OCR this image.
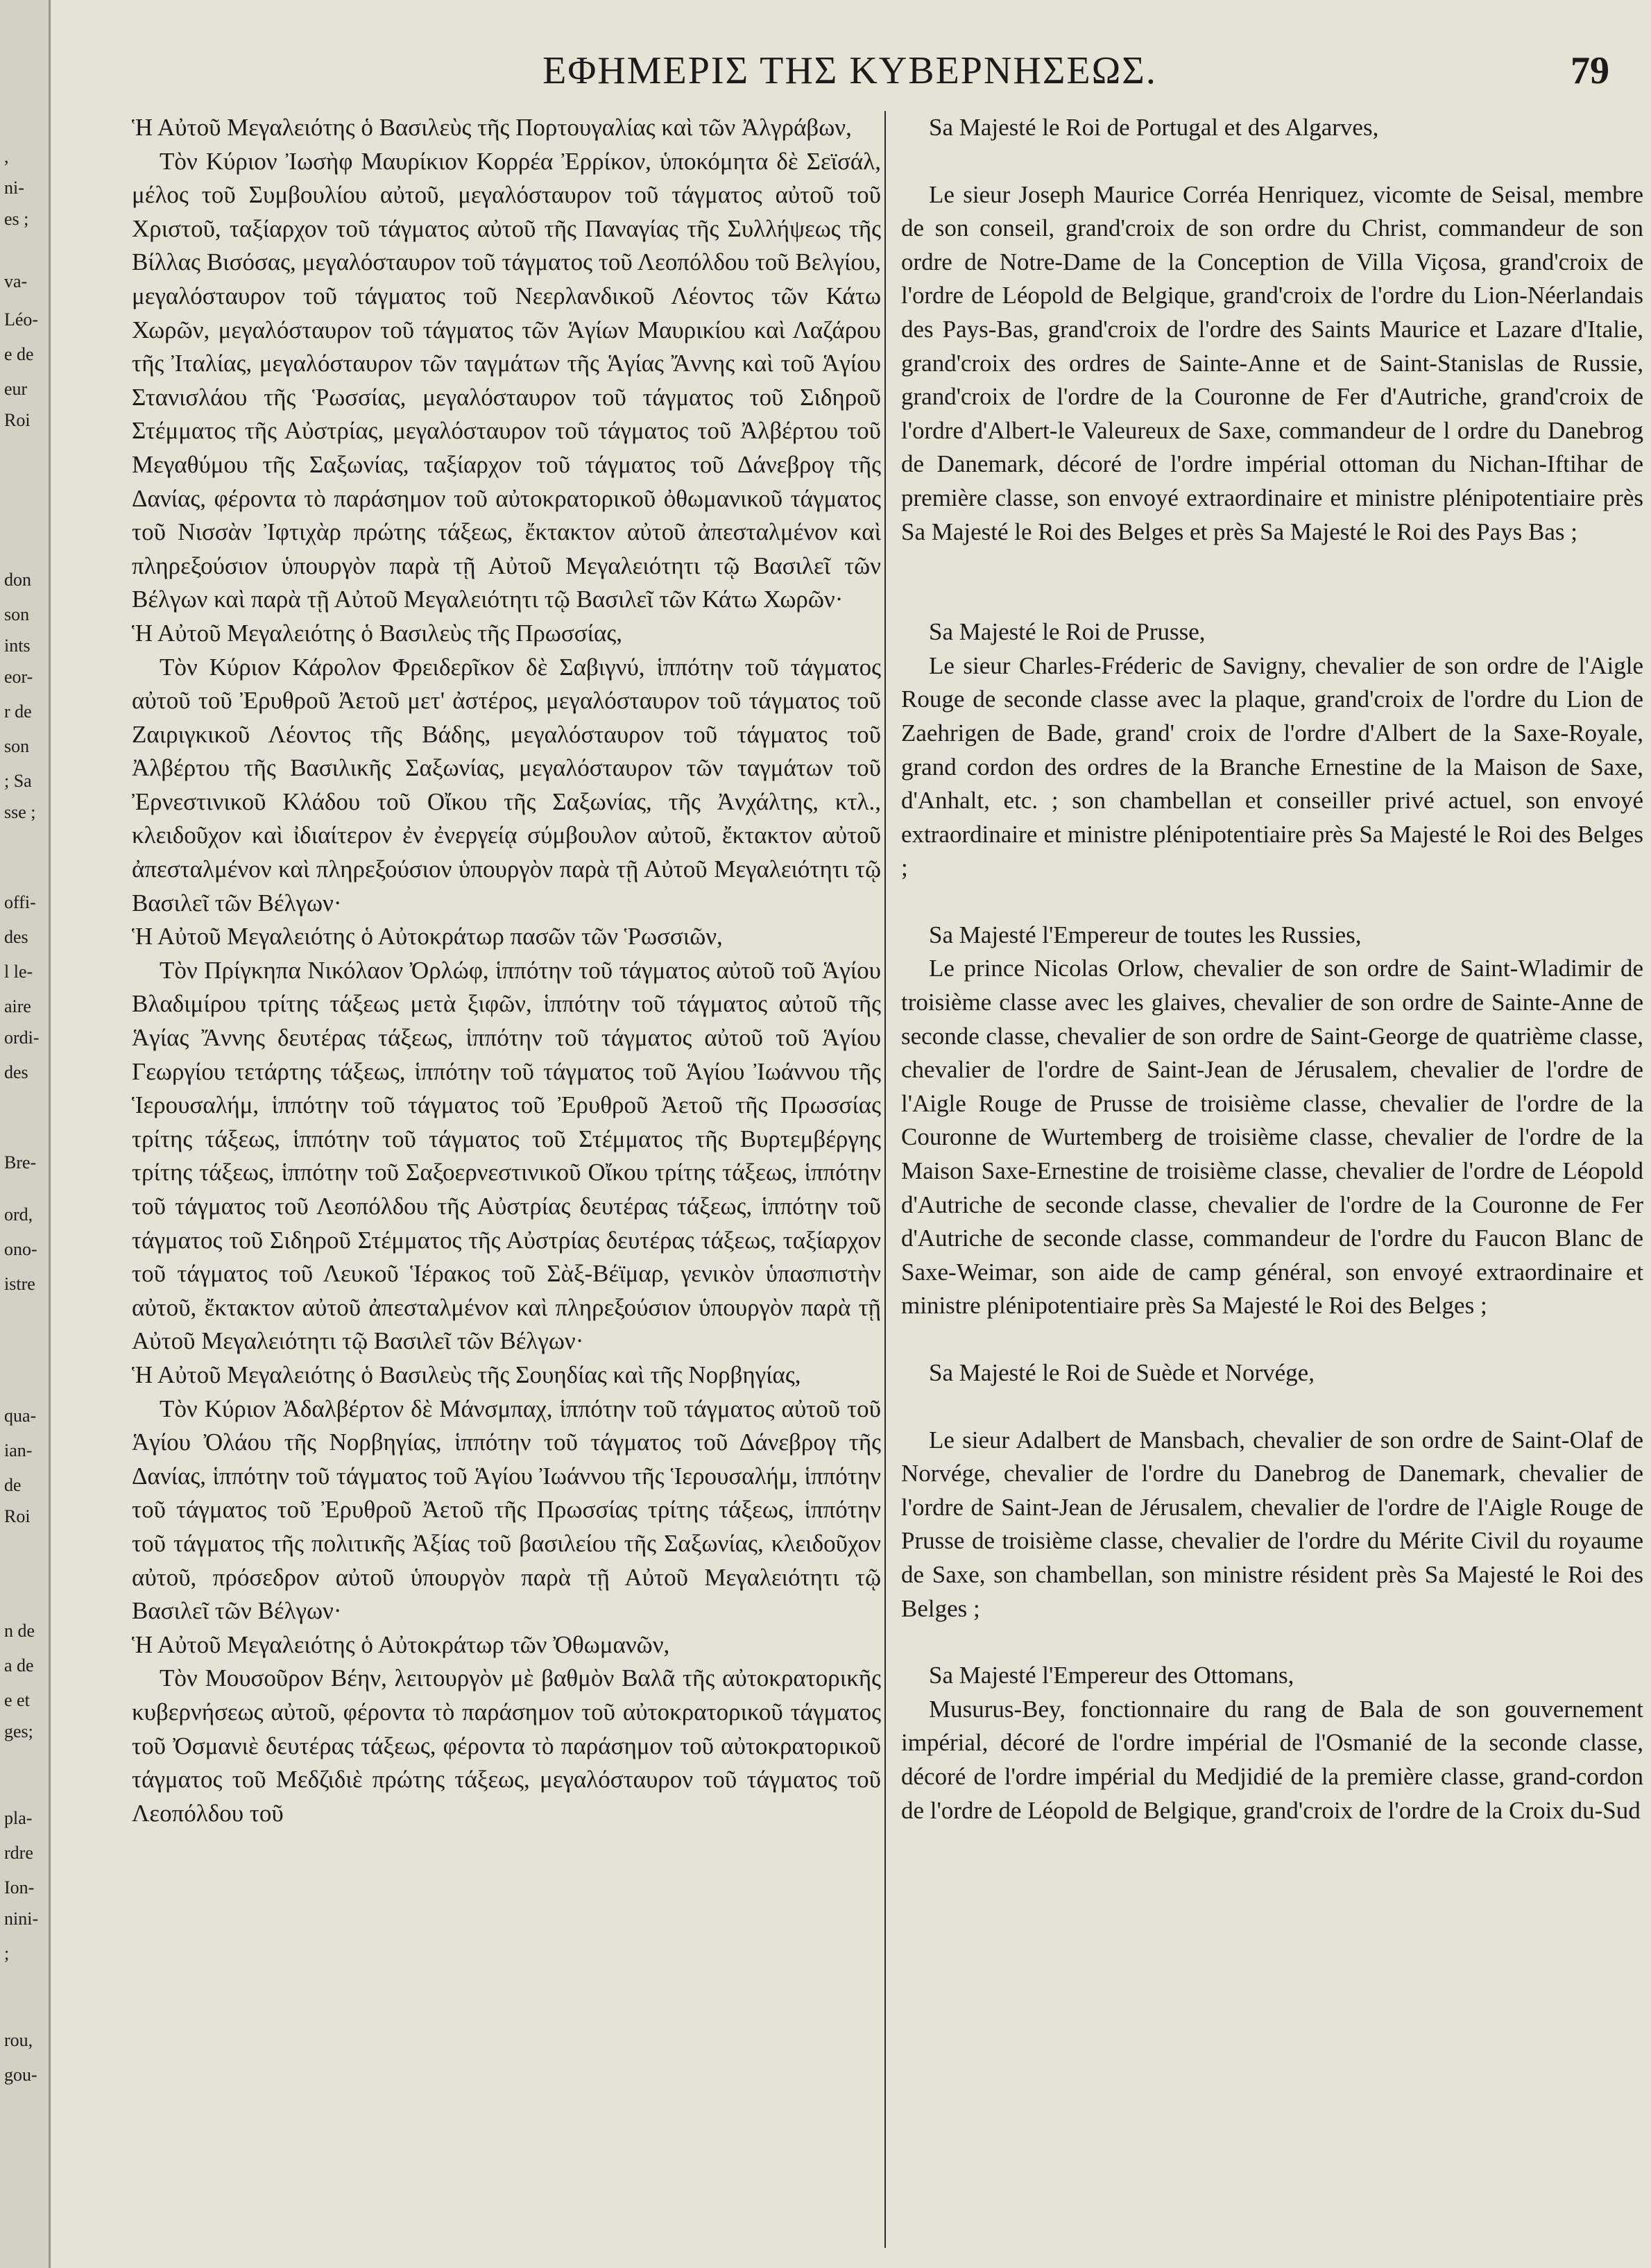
,
ni-
es ;
va-
Léo-
e de
eur
Roi
don
son
ints
eor-
r de
son
; Sa
sse ;
offi-
des
l le-
aire
ordi-
des
Bre-
ord,
ono-
istre
qua-
ian-
de
Roi
n de
a de
e et
ges;
pla-
rdre
Ion-
nini-
;
rou,
gou-
ΕΦΗΜΕΡΙΣ ΤΗΣ ΚΥΒΕΡΝΗΣΕΩΣ.	79

Ἡ Αὐτοῦ Μεγαλειότης ὁ Βασιλεὺς τῆς Πορτουγαλίας καὶ τῶν Ἀλγράβων,

Τὸν Κύριον Ἰωσὴφ Μαυρίκιον Κορρέα Ἐρρίκον, ὑποκόμητα δὲ Σεϊσάλ, μέλος τοῦ Συμβουλίου αὐτοῦ, μεγαλόσταυρον τοῦ τάγματος αὐτοῦ τοῦ Χριστοῦ, ταξίαρχον τοῦ τάγματος αὐτοῦ τῆς Παναγίας τῆς Συλλήψεως τῆς Βίλλας Βισόσας, μεγαλόσταυρον τοῦ τάγματος τοῦ Λεοπόλδου τοῦ Βελγίου, μεγαλόσταυρον τοῦ τάγματος τοῦ Νεερλανδικοῦ Λέοντος τῶν Κάτω Χωρῶν, μεγαλόσταυρον τοῦ τάγματος τῶν Ἁγίων Μαυρικίου καὶ Λαζάρου τῆς Ἰταλίας, μεγαλόσταυρον τῶν ταγμάτων τῆς Ἁγίας Ἄννης καὶ τοῦ Ἁγίου Στανισλάου τῆς Ῥωσσίας, μεγαλόσταυρον τοῦ τάγματος τοῦ Σιδηροῦ Στέμματος τῆς Αὐστρίας, μεγαλόσταυρον τοῦ τάγματος τοῦ Ἀλβέρτου τοῦ Μεγαθύμου τῆς Σαξωνίας, ταξίαρχον τοῦ τάγματος τοῦ Δάνεβρογ τῆς Δανίας, φέροντα τὸ παράσημον τοῦ αὐτοκρατορικοῦ ὀθωμανικοῦ τάγματος τοῦ Νισσὰν Ἰφτιχὰρ πρώτης τάξεως, ἔκτακτον αὐτοῦ ἀπεσταλμένον καὶ πληρεξούσιον ὑπουργὸν παρὰ τῇ Αὐτοῦ Μεγαλειότητι τῷ Βασιλεῖ τῶν Βέλγων καὶ παρὰ τῇ Αὐτοῦ Μεγαλειότητι τῷ Βασιλεῖ τῶν Κάτω Χωρῶν·

Ἡ Αὐτοῦ Μεγαλειότης ὁ Βασιλεὺς τῆς Πρωσσίας,

Τὸν Κύριον Κάρολον Φρειδερῖκον δὲ Σαβιγνύ, ἱππότην τοῦ τάγματος αὐτοῦ τοῦ Ἐρυθροῦ Ἀετοῦ μετ' ἀστέρος, μεγαλόσταυρον τοῦ τάγματος τοῦ Ζαιριγκικοῦ Λέοντος τῆς Βάδης, μεγαλόσταυρον τοῦ τάγματος τοῦ Ἀλβέρτου τῆς Βασιλικῆς Σαξωνίας, μεγαλόσταυρον τῶν ταγμάτων τοῦ Ἐρνεστινικοῦ Κλάδου τοῦ Οἴκου τῆς Σαξωνίας, τῆς Ἀνχάλτης, κτλ., κλειδοῦχον καὶ ἰδιαίτερον ἐν ἐνεργείᾳ σύμβουλον αὐτοῦ, ἔκτακτον αὐτοῦ ἀπεσταλμένον καὶ πληρεξούσιον ὑπουργὸν παρὰ τῇ Αὐτοῦ Μεγαλειότητι τῷ Βασιλεῖ τῶν Βέλγων·

Ἡ Αὐτοῦ Μεγαλειότης ὁ Αὐτοκράτωρ πασῶν τῶν Ῥωσσιῶν,

Τὸν Πρίγκηπα Νικόλαον Ὀρλώφ, ἱππότην τοῦ τάγματος αὐτοῦ τοῦ Ἁγίου Βλαδιμίρου τρίτης τάξεως μετὰ ξιφῶν, ἱππότην τοῦ τάγματος αὐτοῦ τῆς Ἁγίας Ἄννης δευτέρας τάξεως, ἱππότην τοῦ τάγματος αὐτοῦ τοῦ Ἁγίου Γεωργίου τετάρτης τάξεως, ἱππότην τοῦ τάγματος τοῦ Ἁγίου Ἰωάννου τῆς Ἱερουσαλήμ, ἱππότην τοῦ τάγματος τοῦ Ἐρυθροῦ Ἀετοῦ τῆς Πρωσσίας τρίτης τάξεως, ἱππότην τοῦ τάγματος τοῦ Στέμματος τῆς Βυρτεμβέργης τρίτης τάξεως, ἱππότην τοῦ Σαξοερνεστινικοῦ Οἴκου τρίτης τάξεως, ἱππότην τοῦ τάγματος τοῦ Λεοπόλδου τῆς Αὐστρίας δευτέρας τάξεως, ἱππότην τοῦ τάγματος τοῦ Σιδηροῦ Στέμματος τῆς Αὐστρίας δευτέρας τάξεως, ταξίαρχον τοῦ τάγματος τοῦ Λευκοῦ Ἱέρακος τοῦ Σὰξ-Βέϊμαρ, γενικὸν ὑπασπιστὴν αὐτοῦ, ἔκτακτον αὐτοῦ ἀπεσταλμένον καὶ πληρεξούσιον ὑπουργὸν παρὰ τῇ Αὐτοῦ Μεγαλειότητι τῷ Βασιλεῖ τῶν Βέλγων·

Ἡ Αὐτοῦ Μεγαλειότης ὁ Βασιλεὺς τῆς Σουηδίας καὶ τῆς Νορβηγίας,

Τὸν Κύριον Ἀδαλβέρτον δὲ Μάνσμπαχ, ἱππότην τοῦ τάγματος αὐτοῦ τοῦ Ἁγίου Ὀλάου τῆς Νορβηγίας, ἱππότην τοῦ τάγματος τοῦ Δάνεβρογ τῆς Δανίας, ἱππότην τοῦ τάγματος τοῦ Ἁγίου Ἰωάννου τῆς Ἱερουσαλήμ, ἱππότην τοῦ τάγματος τοῦ Ἐρυθροῦ Ἀετοῦ τῆς Πρωσσίας τρίτης τάξεως, ἱππότην τοῦ τάγματος τῆς πολιτικῆς Ἀξίας τοῦ βασιλείου τῆς Σαξωνίας, κλειδοῦχον αὐτοῦ, πρόσεδρον αὐτοῦ ὑπουργὸν παρὰ τῇ Αὐτοῦ Μεγαλειότητι τῷ Βασιλεῖ τῶν Βέλγων·

Ἡ Αὐτοῦ Μεγαλειότης ὁ Αὐτοκράτωρ τῶν Ὀθωμανῶν,

Τὸν Μουσοῦρον Βέην, λειτουργὸν μὲ βαθμὸν Βαλᾶ τῆς αὐτοκρατορικῆς κυβερνήσεως αὐτοῦ, φέροντα τὸ παράσημον τοῦ αὐτοκρατορικοῦ τάγματος τοῦ Ὀσμανιὲ δευτέρας τάξεως, φέροντα τὸ παράσημον τοῦ αὐτοκρατορικοῦ τάγματος τοῦ Μεδζιδιὲ πρώτης τάξεως, μεγαλόσταυρον τοῦ τάγματος τοῦ Λεοπόλδου τοῦ

Sa Majesté le Roi de Portugal et des Algarves,

Le sieur Joseph Maurice Corréa Henriquez, vicomte de Seisal, membre de son conseil, grand'croix de son ordre du Christ, commandeur de son ordre de Notre-Dame de la Conception de Villa Viçosa, grand'croix de l'ordre de Léopold de Belgique, grand'croix de l'ordre du Lion-Néerlandais des Pays-Bas, grand'croix de l'ordre des Saints Maurice et Lazare d'Italie, grand'croix des ordres de Sainte-Anne et de Saint-Stanislas de Russie, grand'croix de l'ordre de la Couronne de Fer d'Autriche, grand'croix de l'ordre d'Albert-le Valeureux de Saxe, commandeur de l ordre du Danebrog de Danemark, décoré de l'ordre impérial ottoman du Nichan-Iftihar de première classe, son envoyé extraordinaire et ministre plénipotentiaire près Sa Majesté le Roi des Belges et près Sa Majesté le Roi des Pays Bas ;

Sa Majesté le Roi de Prusse,

Le sieur Charles-Fréderic de Savigny, chevalier de son ordre de l'Aigle Rouge de seconde classe avec la plaque, grand'croix de l'ordre du Lion de Zaehrigen de Bade, grand' croix de l'ordre d'Albert de la Saxe-Royale, grand cordon des ordres de la Branche Ernestine de la Maison de Saxe, d'Anhalt, etc. ; son chambellan et conseiller privé actuel, son envoyé extraordinaire et ministre plénipotentiaire près Sa Majesté le Roi des Belges ;

Sa Majesté l'Empereur de toutes les Russies,

Le prince Nicolas Orlow, chevalier de son ordre de Saint-Wladimir de troisième classe avec les glaives, chevalier de son ordre de Sainte-Anne de seconde classe, chevalier de son ordre de Saint-George de quatrième classe, chevalier de l'ordre de Saint-Jean de Jérusalem, chevalier de l'ordre de l'Aigle Rouge de Prusse de troisième classe, chevalier de l'ordre de la Couronne de Wurtemberg de troisième classe, chevalier de l'ordre de la Maison Saxe-Ernestine de troisième classe, chevalier de l'ordre de Léopold d'Autriche de seconde classe, chevalier de l'ordre de la Couronne de Fer d'Autriche de seconde classe, commandeur de l'ordre du Faucon Blanc de Saxe-Weimar, son aide de camp général, son envoyé extraordinaire et ministre plénipotentiaire près Sa Majesté le Roi des Belges ;

Sa Majesté le Roi de Suède et Norvége,

Le sieur Adalbert de Mansbach, chevalier de son ordre de Saint-Olaf de Norvége, chevalier de l'ordre du Danebrog de Danemark, chevalier de l'ordre de Saint-Jean de Jérusalem, chevalier de l'ordre de l'Aigle Rouge de Prusse de troisième classe, chevalier de l'ordre du Mérite Civil du royaume de Saxe, son chambellan, son ministre résident près Sa Majesté le Roi des Belges ;

Sa Majesté l'Empereur des Ottomans,

Musurus-Bey, fonctionnaire du rang de Bala de son gouvernement impérial, décoré de l'ordre impérial de l'Osmanié de la seconde classe, décoré de l'ordre impérial du Medjidié de la première classe, grand-cordon de l'ordre de Léopold de Belgique, grand'croix de l'ordre de la Croix du-Sud
